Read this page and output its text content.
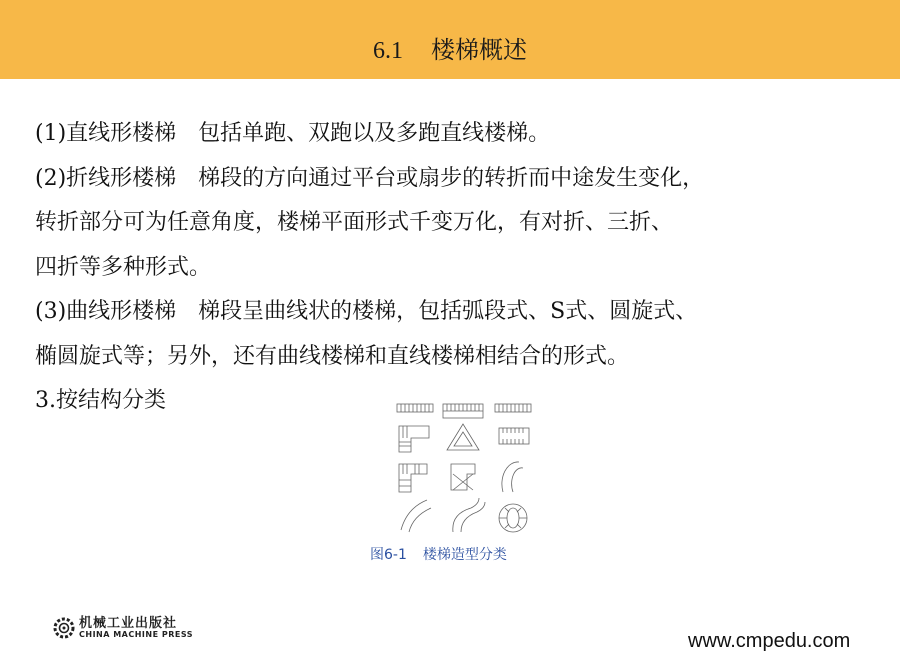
6.1 楼梯概述

(1)直线形楼梯　包括单跑、双跑以及多跑直线楼梯。

(2)折线形楼梯　梯段的方向通过平台或扇步的转折而中途发生变化，

转折部分可为任意角度，楼梯平面形式千变万化，有对折、三折、

四折等多种形式。

(3)曲线形楼梯　梯段呈曲线状的楼梯，包括弧段式、S式、圆旋式、

椭圆旋式等；另外，还有曲线楼梯和直线楼梯相结合的形式。

3.按结构分类

图6-1 楼梯造型分类
机械工业出版社
CHINA MACHINE PRESS	www.cmpedu.com
